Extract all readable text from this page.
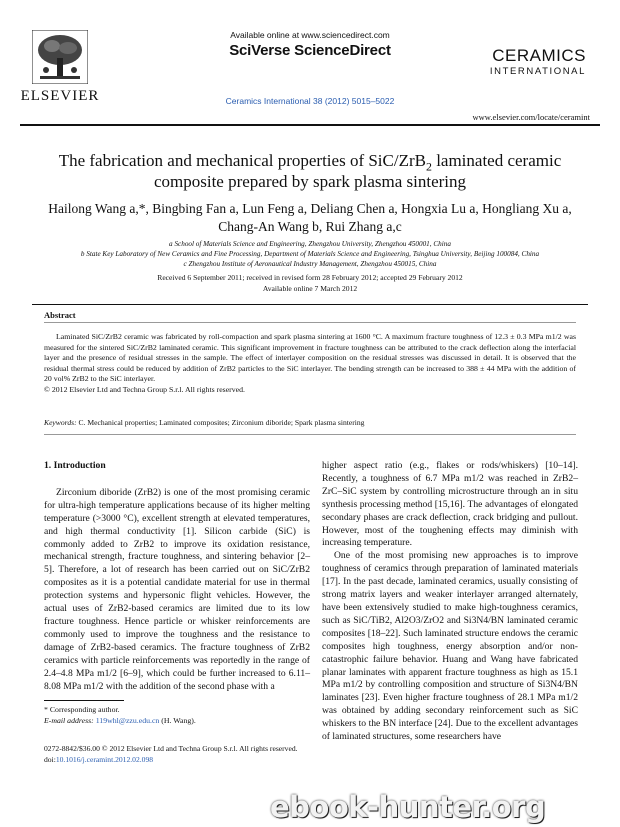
ELSEVIER
Available online at www.sciencedirect.com
SciVerse ScienceDirect
Ceramics International 38 (2012) 5015–5022
CERAMICS
INTERNATIONAL
www.elsevier.com/locate/ceramint
The fabrication and mechanical properties of SiC/ZrB$_2$ laminated ceramic
composite prepared by spark plasma sintering
Hailong Wang a,*, Bingbing Fan a, Lun Feng a, Deliang Chen a, Hongxia Lu a, Hongliang Xu a,
Chang-An Wang b, Rui Zhang a,c
a School of Materials Science and Engineering, Zhengzhou University, Zhengzhou 450001, China
b State Key Laboratory of New Ceramics and Fine Processing, Department of Materials Science and Engineering, Tsinghua University, Beijing 100084, China
c Zhengzhou Institute of Aeronautical Industry Management, Zhengzhou 450015, China
Received 6 September 2011; received in revised form 28 February 2012; accepted 29 February 2012
Available online 7 March 2012
Abstract
Laminated SiC/ZrB2 ceramic was fabricated by roll-compaction and spark plasma sintering at 1600 °C. A maximum fracture toughness of 12.3 ± 0.3 MPa m1/2 was measured for the sintered SiC/ZrB2 laminated ceramic. This significant improvement in fracture toughness can be attributed to the crack deflection along the interfacial layer and the presence of residual stresses in the sample. The effect of interlayer composition on the residual stresses was discussed in detail. It is observed that the residual thermal stress could be reduced by addition of ZrB2 particles to the SiC interlayer. The bending strength can be increased to 388 ± 44 MPa with the addition of 20 vol% ZrB2 to the SiC interlayer.
© 2012 Elsevier Ltd and Techna Group S.r.l. All rights reserved.
Keywords: C. Mechanical properties; Laminated composites; Zirconium diboride; Spark plasma sintering
1. Introduction
Zirconium diboride (ZrB2) is one of the most promising ceramic for ultra-high temperature applications because of its higher melting temperature (>3000 °C), excellent strength at elevated temperatures, and high thermal conductivity [1]. Silicon carbide (SiC) is commonly added to ZrB2 to improve its oxidation resistance, mechanical strength, fracture toughness, and sintering behavior [2–5]. Therefore, a lot of research has been carried out on SiC/ZrB2 composites as it is a potential candidate material for use in thermal protection systems and hypersonic flight vehicles. However, the actual uses of ZrB2-based ceramics are limited due to its low fracture toughness. Hence particle or whisker reinforcements are commonly used to improve the toughness and the resistance to damage of ZrB2-based ceramics. The fracture toughness of ZrB2 ceramics with particle reinforcements was reportedly in the range of 2.4–4.8 MPa m1/2 [6–9], which could be further increased to 6.11–8.08 MPa m1/2 with the addition of the second phase with a
higher aspect ratio (e.g., flakes or rods/whiskers) [10–14]. Recently, a toughness of 6.7 MPa m1/2 was reached in ZrB2–ZrC–SiC system by controlling microstructure through an in situ synthesis processing method [15,16]. The advantages of elongated secondary phases are crack deflection, crack bridging and pullout. However, most of the toughening effects may diminish with increasing temperature.
One of the most promising new approaches is to improve toughness of ceramics through preparation of laminated materials [17]. In the past decade, laminated ceramics, usually consisting of strong matrix layers and weaker interlayer arranged alternately, have been extensively studied to make high-toughness ceramics, such as SiC/TiB2, Al2O3/ZrO2 and Si3N4/BN laminated ceramic composites [18–22]. Such laminated structure endows the ceramic composites high toughness, energy absorption and/or non-catastrophic failure behavior. Huang and Wang have fabricated planar laminates with apparent fracture toughness as high as 15.1 MPa m1/2 by controlling composition and structure of Si3N4/BN laminates [23]. Even higher fracture toughness of 28.1 MPa m1/2 was obtained by adding secondary reinforcement such as SiC whiskers to the BN interface [24]. Due to the excellent advantages of laminated structures, some researchers have
* Corresponding author.
E-mail address: 119whl@zzu.edu.cn (H. Wang).
0272-8842/$36.00 © 2012 Elsevier Ltd and Techna Group S.r.l. All rights reserved.
doi:10.1016/j.ceramint.2012.02.098
ebook-hunter.org
